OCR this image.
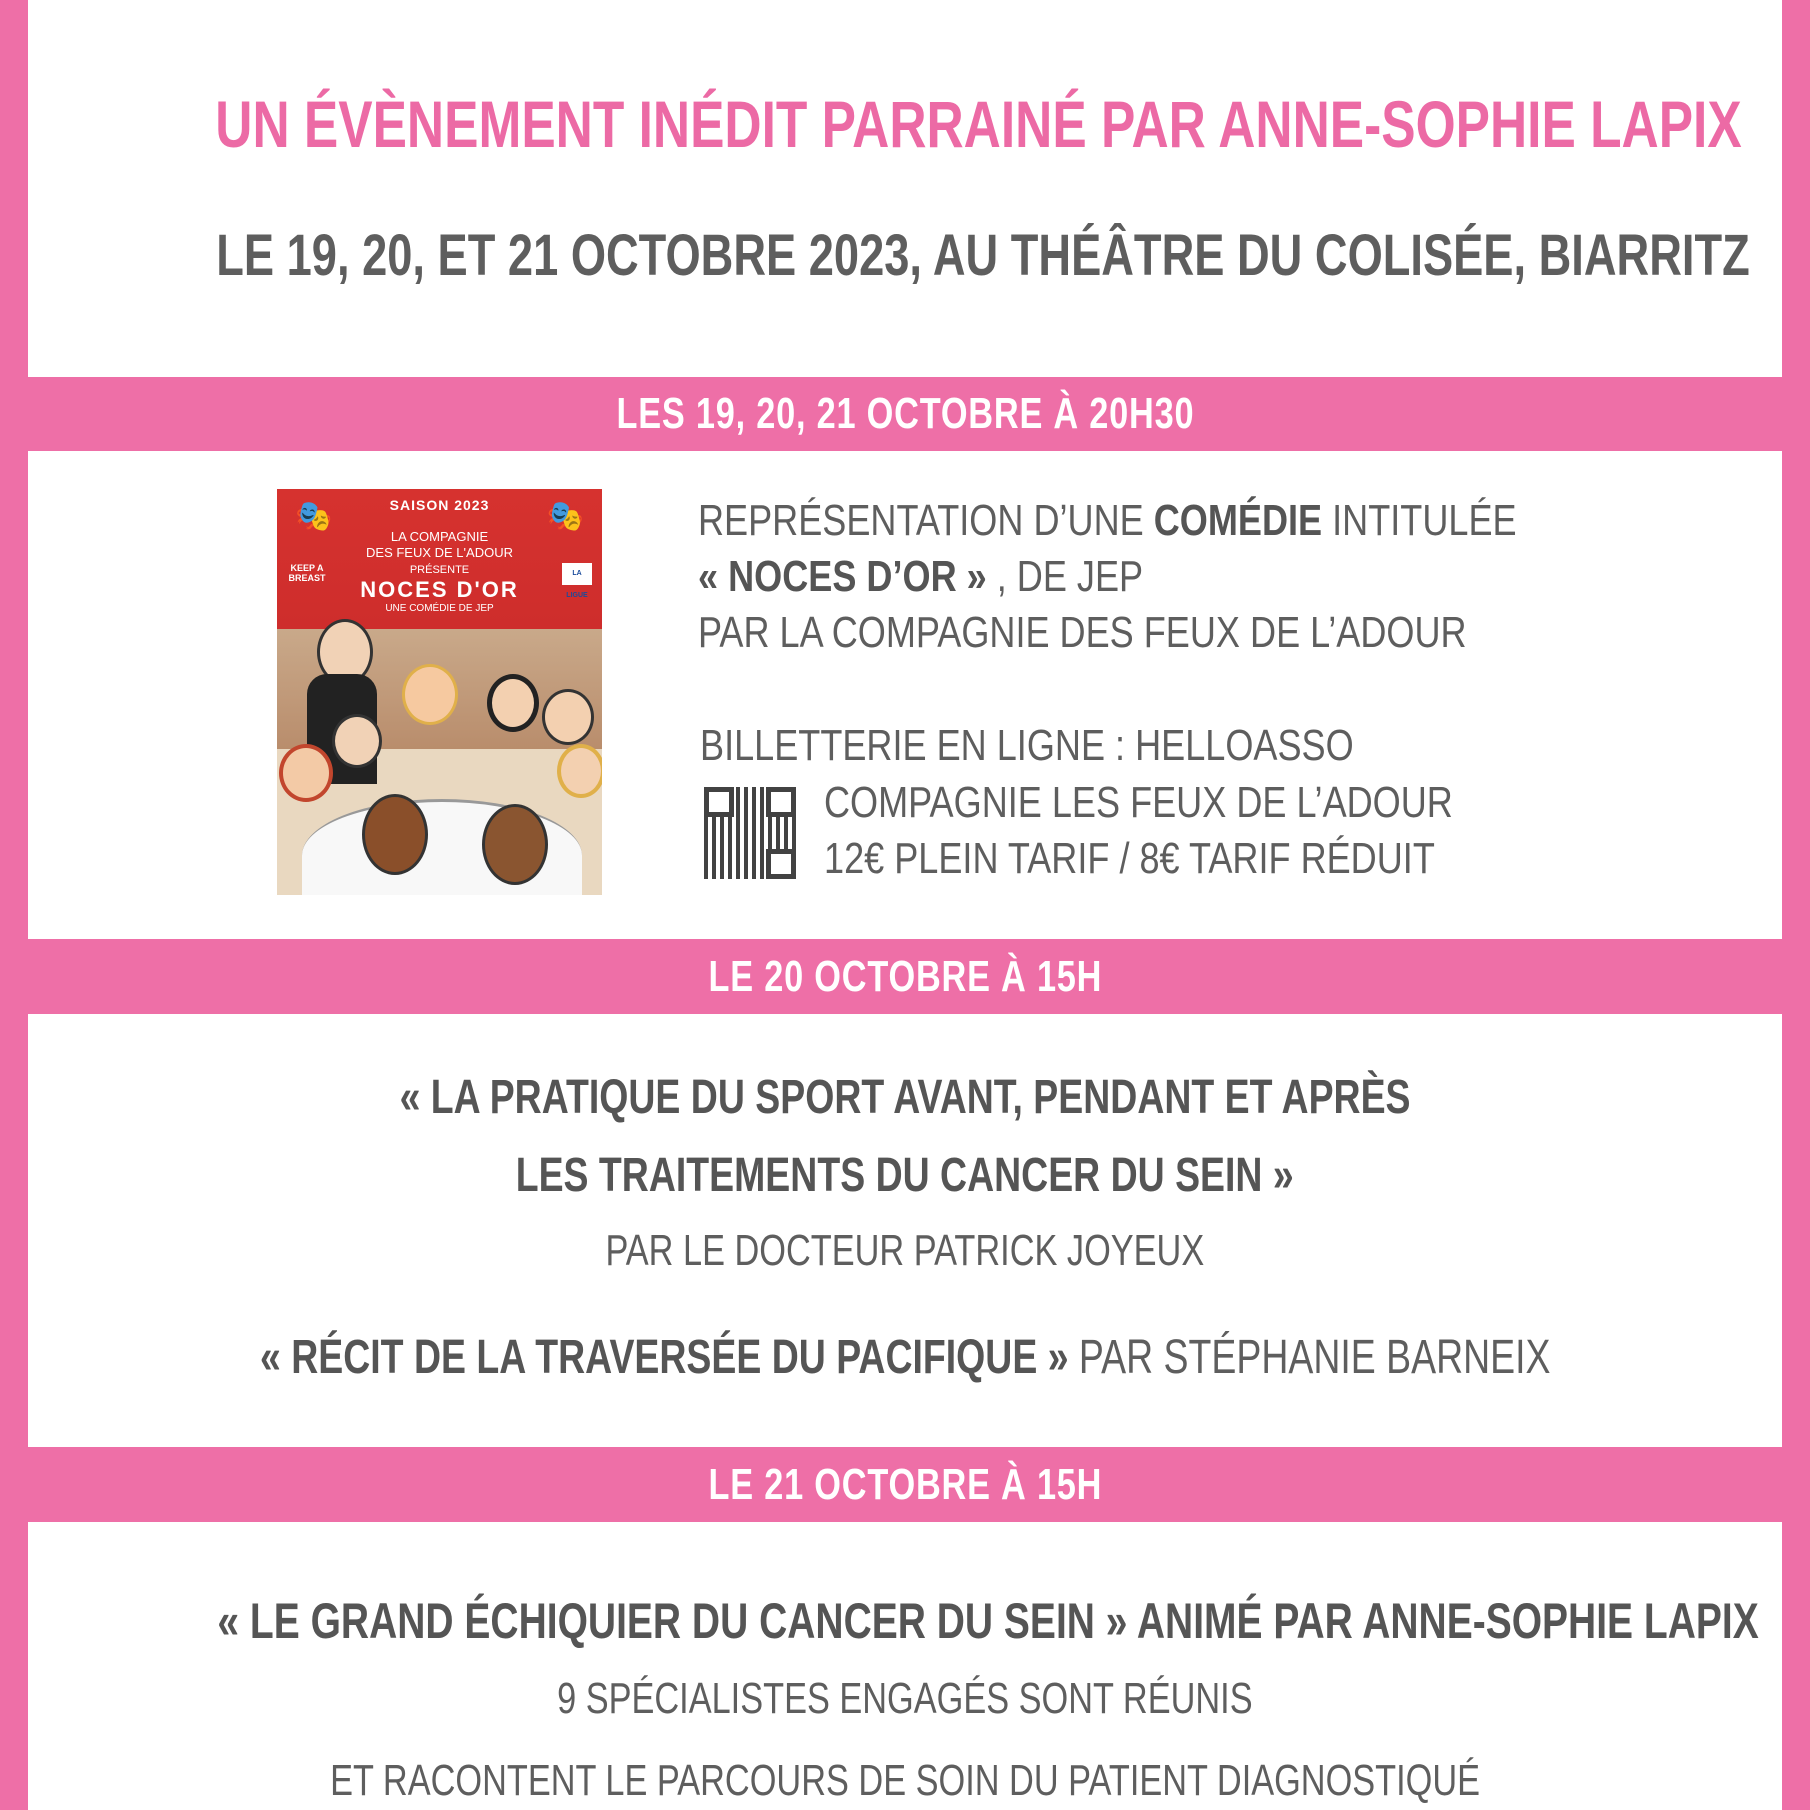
UN ÉVÈNEMENT INÉDIT PARRAINÉ PAR ANNE-SOPHIE LAPIX
LE 19, 20, ET 21 OCTOBRE 2023, AU THÉÂTRE DU COLISÉE, BIARRITZ
LES 19, 20, 21 OCTOBRE À 20H30
🎭	🎭
SAISON 2023
LA COMPAGNIE
DES FEUX DE L'ADOUR
PRÉSENTE
NOCES D'OR
UNE COMÉDIE DE JEP
KEEP A BREAST	LA LIGUE
REPRÉSENTATION D’UNE COMÉDIE INTITULÉE
« NOCES D’OR » , DE JEP
PAR LA COMPAGNIE DES FEUX DE L’ADOUR
BILLETTERIE EN LIGNE : HELLOASSO
COMPAGNIE LES FEUX DE L’ADOUR
12€ PLEIN TARIF / 8€ TARIF RÉDUIT
LE 20 OCTOBRE À 15H
« LA PRATIQUE DU SPORT AVANT, PENDANT ET APRÈS
LES TRAITEMENTS DU CANCER DU SEIN »
PAR LE DOCTEUR PATRICK JOYEUX
« RÉCIT DE LA TRAVERSÉE DU PACIFIQUE » PAR STÉPHANIE BARNEIX
LE 21 OCTOBRE À 15H
« LE GRAND ÉCHIQUIER DU CANCER DU SEIN » ANIMÉ PAR ANNE-SOPHIE LAPIX
9 SPÉCIALISTES ENGAGÉS SONT RÉUNIS
ET RACONTENT LE PARCOURS DE SOIN DU PATIENT DIAGNOSTIQUÉ
